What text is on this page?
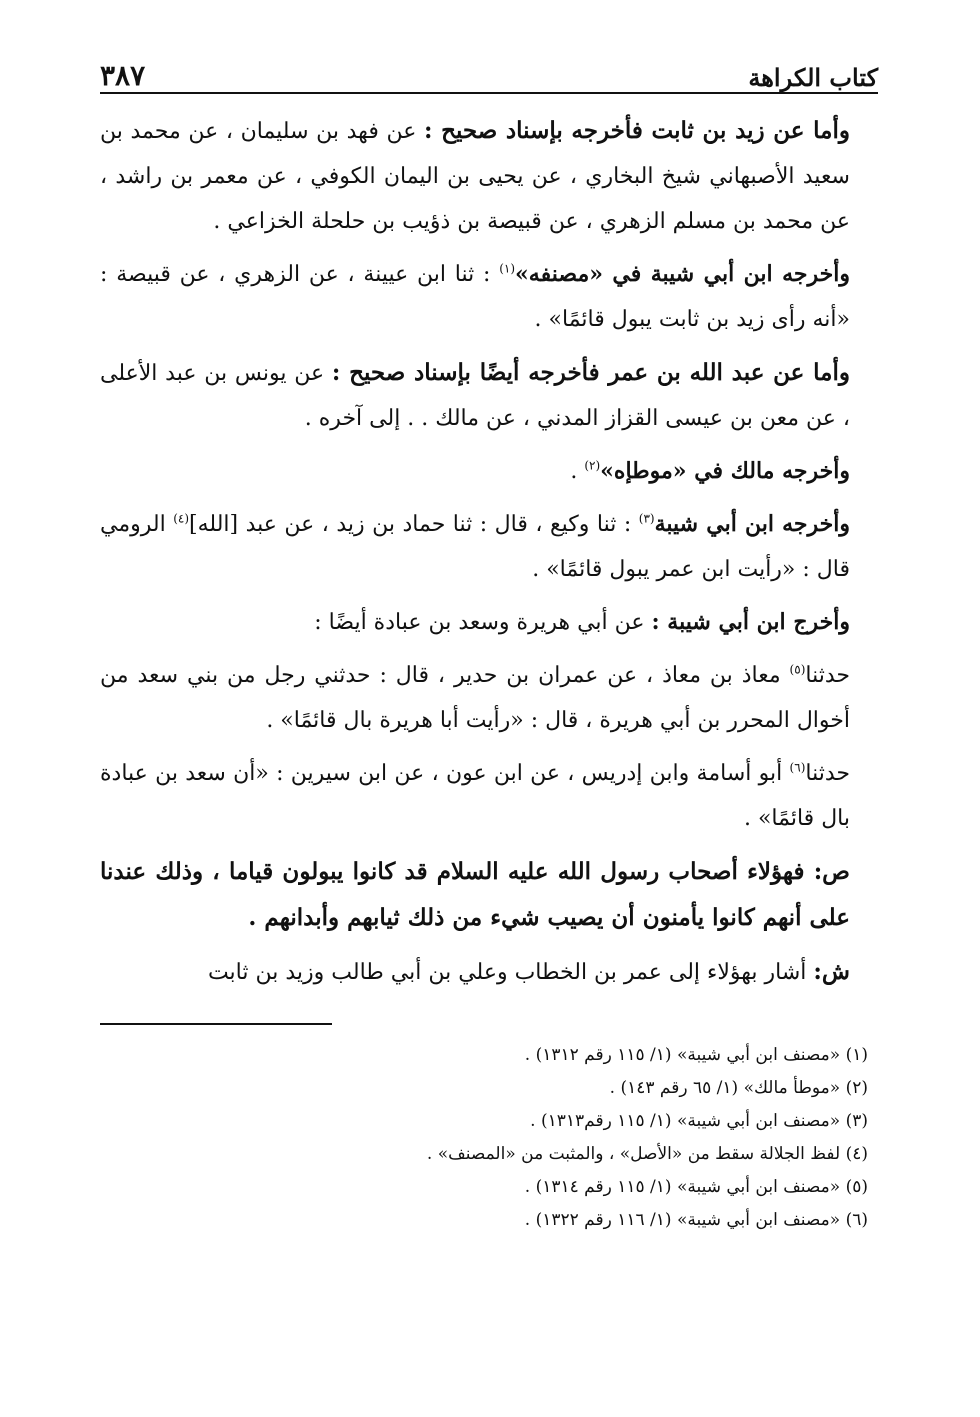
كتاب الكراهة
٣٨٧

وأما عن زيد بن ثابت فأخرجه بإسناد صحيح : عن فهد بن سليمان ، عن محمد بن سعيد الأصبهاني شيخ البخاري ، عن يحيى بن اليمان الكوفي ، عن معمر بن راشد ، عن محمد بن مسلم الزهري ، عن قبيصة بن ذؤيب بن حلحلة الخزاعي .

وأخرجه ابن أبي شيبة في «مصنفه»$^{(١)}$ : ثنا ابن عيينة ، عن الزهري ، عن قبيصة : «أنه رأى زيد بن ثابت يبول قائمًا» .

وأما عن عبد الله بن عمر فأخرجه أيضًا بإسناد صحيح : عن يونس بن عبد الأعلى ، عن معن بن عيسى القزاز المدني ، عن مالك . . إلى آخره .

وأخرجه مالك في «موطإه»$^{(٢)}$ .

وأخرجه ابن أبي شيبة$^{(٣)}$ : ثنا وكيع ، قال : ثنا حماد بن زيد ، عن عبد [الله]$^{(٤)}$ الرومي قال : «رأيت ابن عمر يبول قائمًا» .

وأخرج ابن أبي شيبة : عن أبي هريرة وسعد بن عبادة أيضًا :

حدثنا$^{(٥)}$ معاذ بن معاذ ، عن عمران بن حدير ، قال : حدثني رجل من بني سعد من أخوال المحرر بن أبي هريرة ، قال : «رأيت أبا هريرة بال قائمًا» .

حدثنا$^{(٦)}$ أبو أسامة وابن إدريس ، عن ابن عون ، عن ابن سيرين : «أن سعد بن عبادة بال قائمًا» .

ص: فهؤلاء أصحاب رسول الله عليه السلام قد كانوا يبولون قياما ، وذلك عندنا على أنهم كانوا يأمنون أن يصيب شيء من ذلك ثيابهم وأبدانهم .

ش: أشار بهؤلاء إلى عمر بن الخطاب وعلي بن أبي طالب وزيد بن ثابت

(١) «مصنف ابن أبي شيبة» (١/ ١١٥ رقم ١٣١٢) .
(٢) «موطأ مالك» (١/ ٦٥ رقم ١٤٣) .
(٣) «مصنف ابن أبي شيبة» (١/ ١١٥ رقم١٣١٣) .
(٤) لفظ الجلالة سقط من «الأصل» ، والمثبت من «المصنف» .
(٥) «مصنف ابن أبي شيبة» (١/ ١١٥ رقم ١٣١٤) .
(٦) «مصنف ابن أبي شيبة» (١/ ١١٦ رقم ١٣٢٢) .
